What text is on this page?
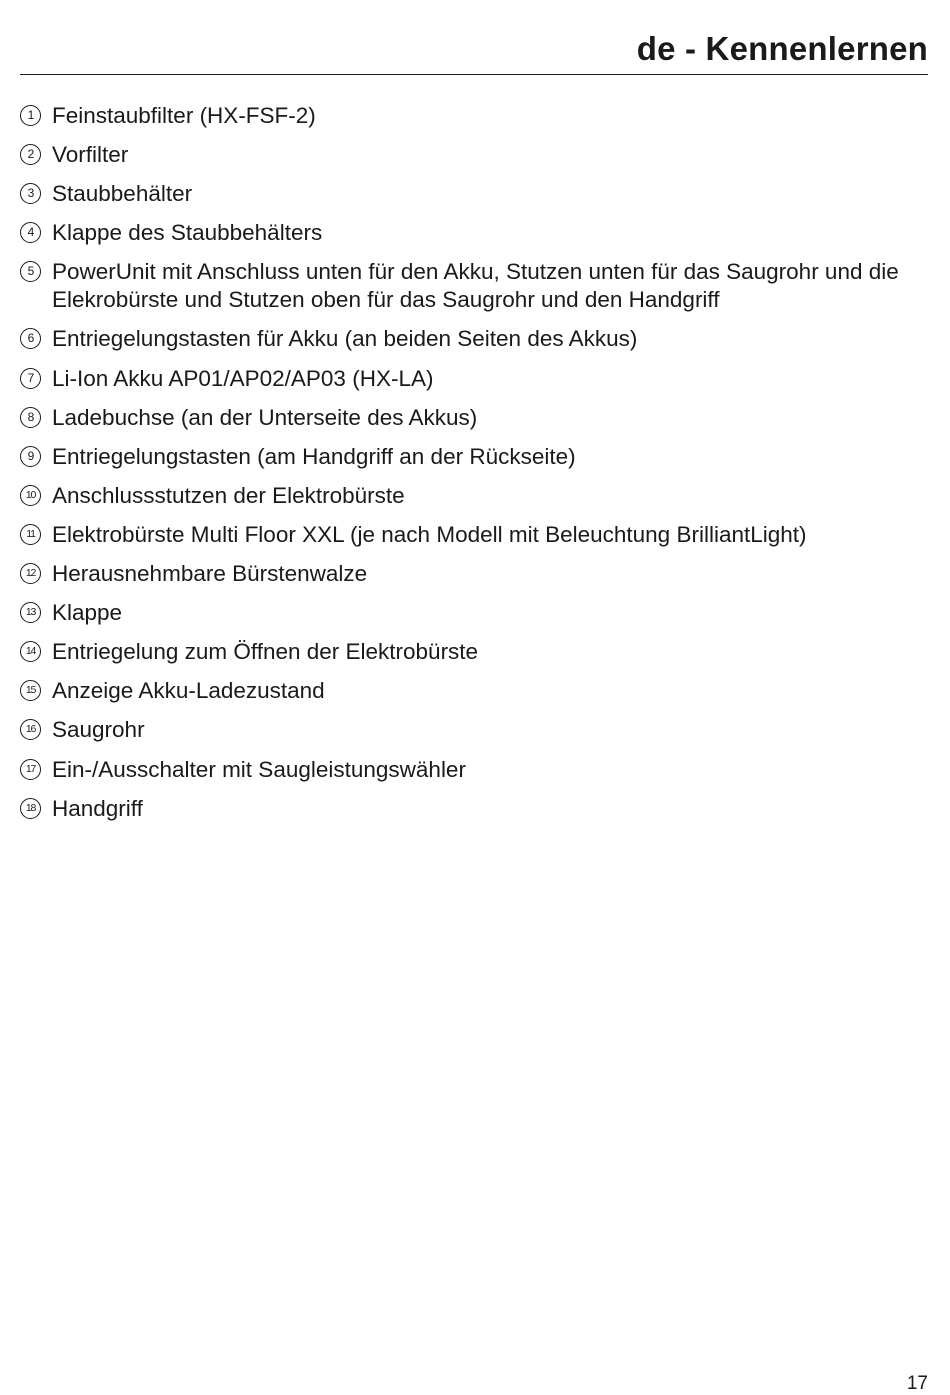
de - Kennenlernen
1 Feinstaubfilter (HX-FSF-2)
2 Vorfilter
3 Staubbehälter
4 Klappe des Staubbehälters
5 PowerUnit mit Anschluss unten für den Akku, Stutzen unten für das Saugrohr und die Elekrobürste und Stutzen oben für das Saugrohr und den Handgriff
6 Entriegelungstasten für Akku (an beiden Seiten des Akkus)
7 Li-Ion Akku AP01/AP02/AP03 (HX-LA)
8 Ladebuchse (an der Unterseite des Akkus)
9 Entriegelungstasten (am Handgriff an der Rückseite)
10 Anschlussstutzen der Elektrobürste
11 Elektrobürste Multi Floor XXL (je nach Modell mit Beleuchtung BrilliantLight)
12 Herausnehmbare Bürstenwalze
13 Klappe
14 Entriegelung zum Öffnen der Elektrobürste
15 Anzeige Akku-Ladezustand
16 Saugrohr
17 Ein-/Ausschalter mit Saugleistungswähler
18 Handgriff
17
